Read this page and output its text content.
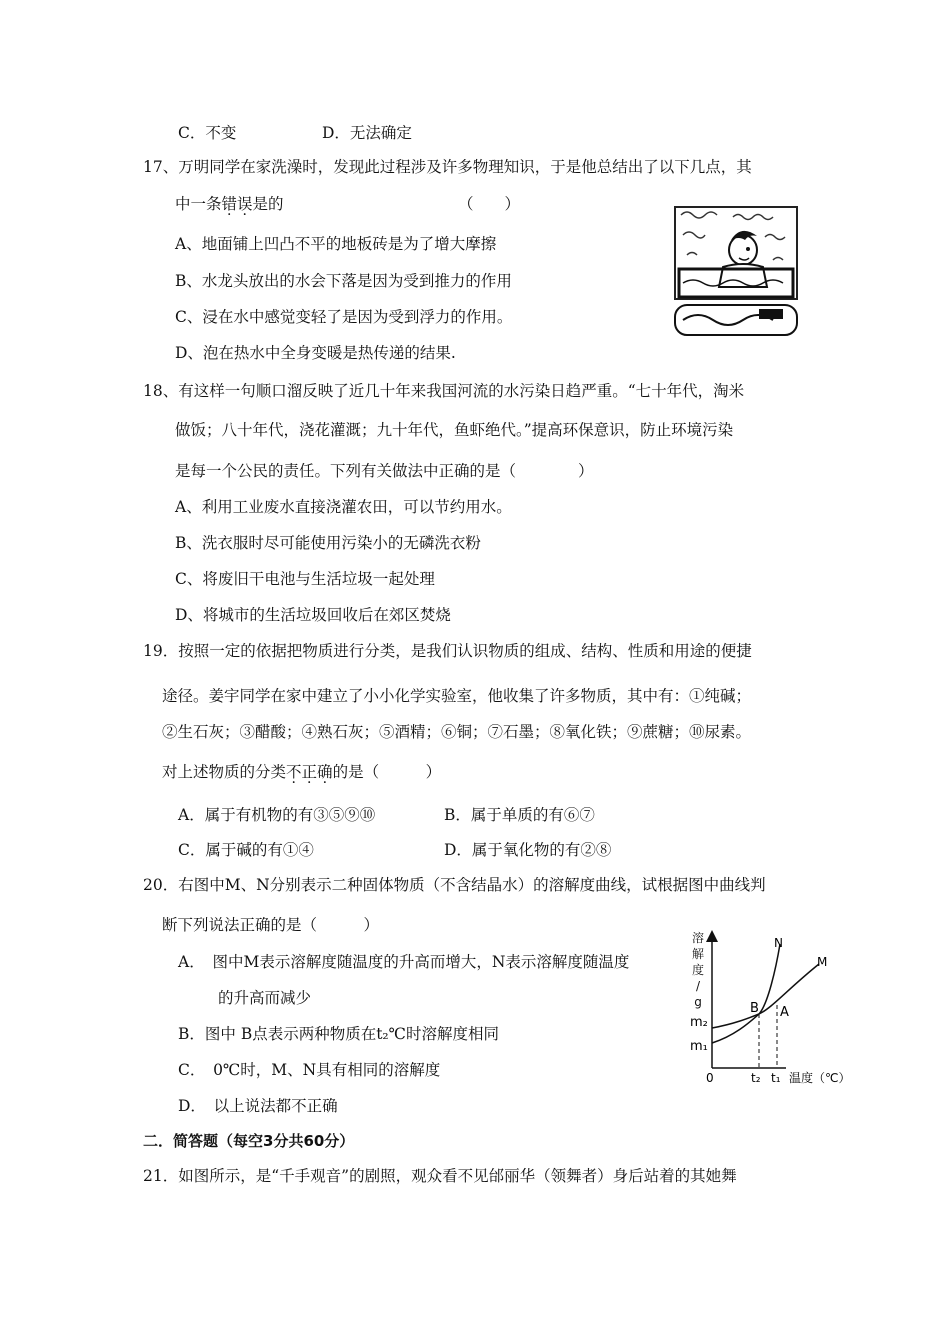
C．不变	D．无法确定
17、万明同学在家洗澡时，发现此过程涉及许多物理知识，于是他总结出了以下几点，其
中一条错误是的	（　　）
A、地面铺上凹凸不平的地板砖是为了增大摩擦
B、水龙头放出的水会下落是因为受到推力的作用
C、浸在水中感觉变轻了是因为受到浮力的作用。
D、泡在热水中全身变暖是热传递的结果.
18、有这样一句顺口溜反映了近几十年来我国河流的水污染日趋严重。“七十年代，淘米
做饭；八十年代，浇花灌溉；九十年代，鱼虾绝代。”提高环保意识，防止环境污染
是每一个公民的责任。下列有关做法中正确的是（　　　　）
A、利用工业废水直接浇灌农田，可以节约用水。
B、洗衣服时尽可能使用污染小的无磷洗衣粉
C、将废旧干电池与生活垃圾一起处理
D、将城市的生活垃圾回收后在郊区焚烧
19．按照一定的依据把物质进行分类，是我们认识物质的组成、结构、性质和用途的便捷
途径。姜宇同学在家中建立了小小化学实验室，他收集了许多物质，其中有：①纯碱；
②生石灰；③醋酸；④熟石灰；⑤酒精；⑥铜；⑦石墨；⑧氧化铁；⑨蔗糖；⑩尿素。
对上述物质的分类不正确的是（　　　）
A．属于有机物的有③⑤⑨⑩	B．属于单质的有⑥⑦
C．属于碱的有①④	D．属于氧化物的有②⑧
20．右图中M、N分别表示二种固体物质（不含结晶水）的溶解度曲线，试根据图中曲线判
断下列说法正确的是（　　　）
A．　图中M表示溶解度随温度的升高而增大，N表示溶解度随温度
的升高而减少
B．图中 B点表示两种物质在t₂℃时溶解度相同
C．　0℃时，M、N具有相同的溶解度
D．　以上说法都不正确
溶
解
度
/
g
m₂
m₁
0	t₂ t₁ 温度（℃）
N
M
B A
二．简答题（每空3分共60分）
21．如图所示，是“千手观音”的剧照，观众看不见邰丽华（领舞者）身后站着的其她舞
